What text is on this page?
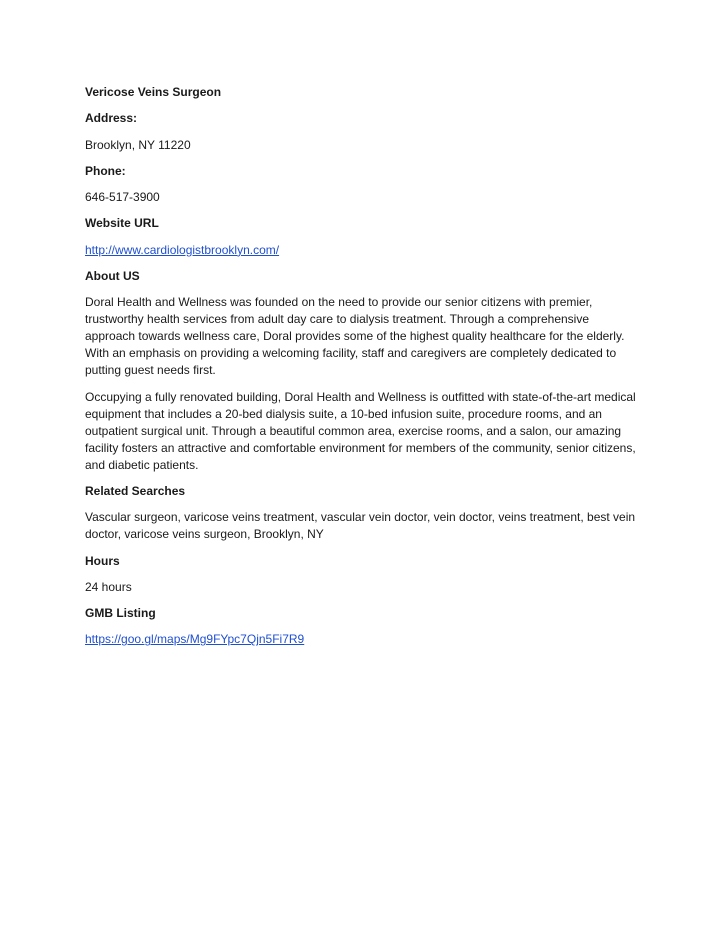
Vericose Veins Surgeon

Address:

Brooklyn, NY 11220

Phone:

646-517-3900

Website URL

http://www.cardiologistbrooklyn.com/

About US

Doral Health and Wellness was founded on the need to provide our senior citizens with premier, trustworthy health services from adult day care to dialysis treatment. Through a comprehensive approach towards wellness care, Doral provides some of the highest quality healthcare for the elderly. With an emphasis on providing a welcoming facility, staff and caregivers are completely dedicated to putting guest needs first.

Occupying a fully renovated building, Doral Health and Wellness is outfitted with state-of-the-art medical equipment that includes a 20-bed dialysis suite, a 10-bed infusion suite, procedure rooms, and an outpatient surgical unit. Through a beautiful common area, exercise rooms, and a salon, our amazing facility fosters an attractive and comfortable environment for members of the community, senior citizens, and diabetic patients.

Related Searches

Vascular surgeon, varicose veins treatment, vascular vein doctor, vein doctor, veins treatment, best vein doctor, varicose veins surgeon, Brooklyn, NY

Hours

24 hours

GMB Listing

https://goo.gl/maps/Mg9FYpc7Qjn5Fi7R9
